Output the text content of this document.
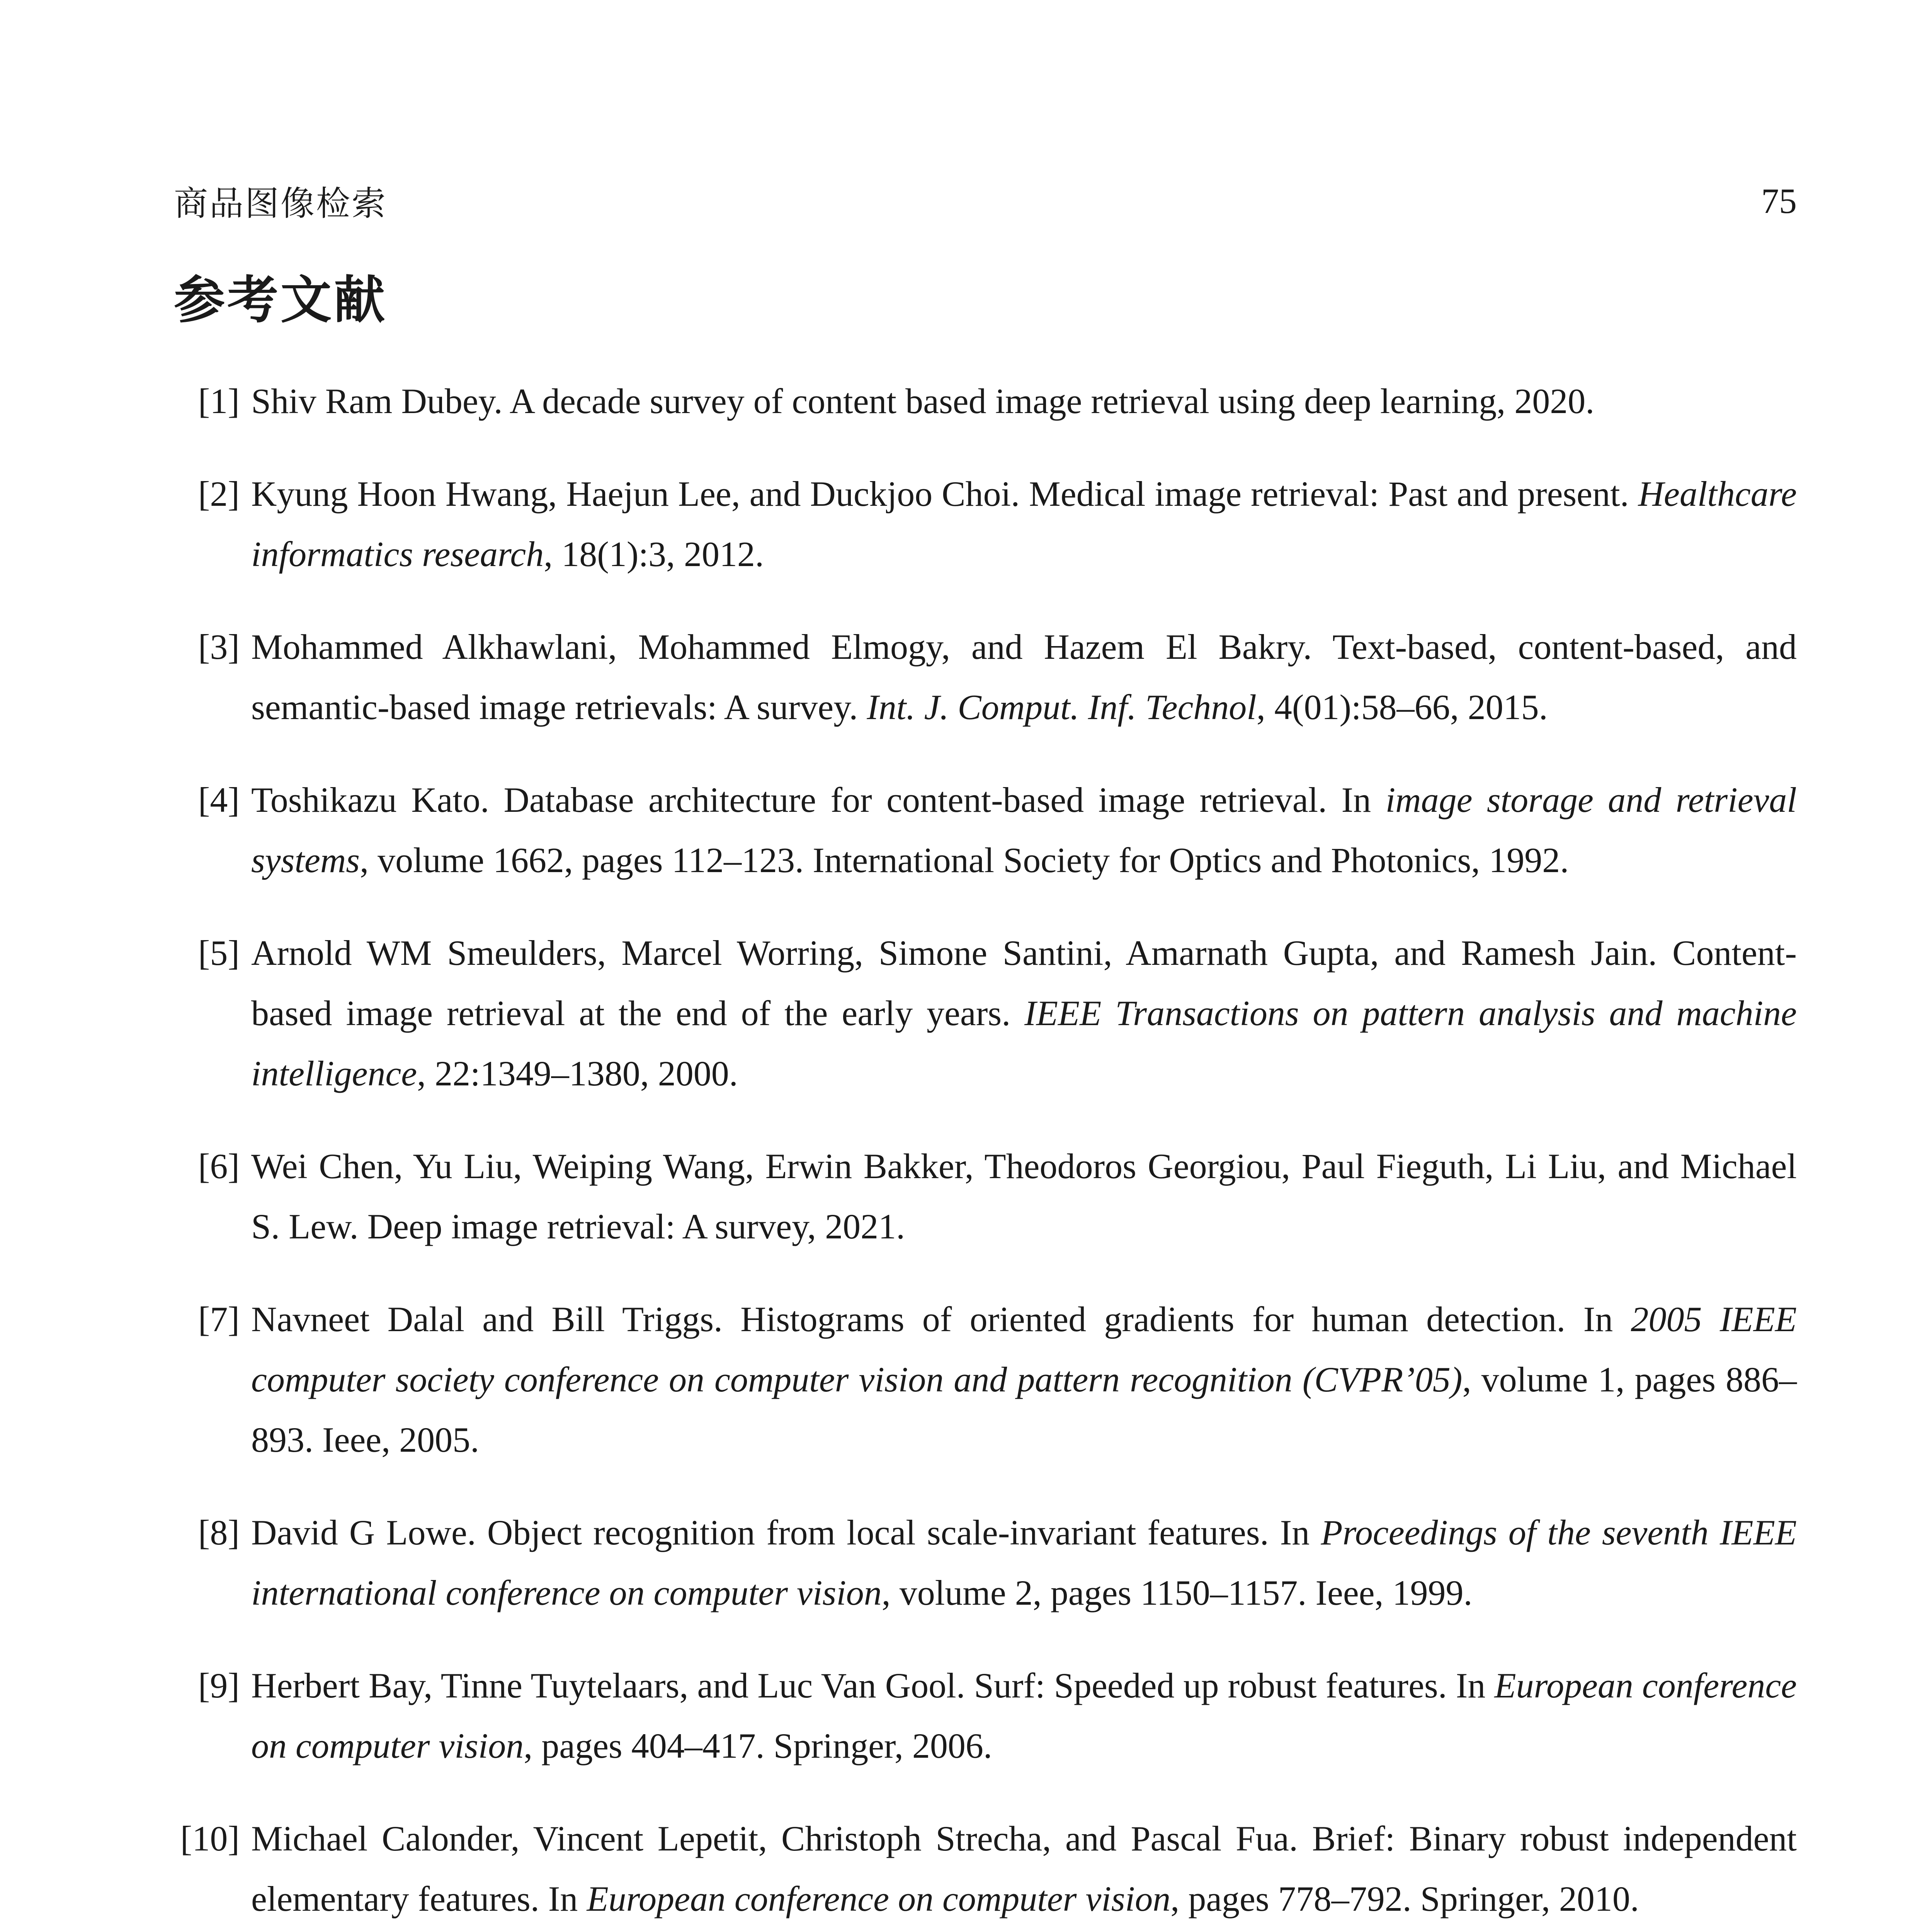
商品图像检索	75
参考文献
[1] Shiv Ram Dubey. A decade survey of content based image retrieval using deep learning, 2020.
[2] Kyung Hoon Hwang, Haejun Lee, and Duckjoo Choi. Medical image retrieval: Past and present. Healthcare informatics research, 18(1):3, 2012.
[3] Mohammed Alkhawlani, Mohammed Elmogy, and Hazem El Bakry. Text-based, content-based, and semantic-based image retrievals: A survey. Int. J. Comput. Inf. Technol, 4(01):58–66, 2015.
[4] Toshikazu Kato. Database architecture for content-based image retrieval. In image storage and retrieval systems, volume 1662, pages 112–123. International Society for Optics and Photonics, 1992.
[5] Arnold WM Smeulders, Marcel Worring, Simone Santini, Amarnath Gupta, and Ramesh Jain. Content-based image retrieval at the end of the early years. IEEE Transactions on pattern analysis and machine intelligence, 22:1349–1380, 2000.
[6] Wei Chen, Yu Liu, Weiping Wang, Erwin Bakker, Theodoros Georgiou, Paul Fieguth, Li Liu, and Michael S. Lew. Deep image retrieval: A survey, 2021.
[7] Navneet Dalal and Bill Triggs. Histograms of oriented gradients for human detection. In 2005 IEEE computer society conference on computer vision and pattern recognition (CVPR’05), volume 1, pages 886–893. Ieee, 2005.
[8] David G Lowe. Object recognition from local scale-invariant features. In Proceedings of the seventh IEEE international conference on computer vision, volume 2, pages 1150–1157. Ieee, 1999.
[9] Herbert Bay, Tinne Tuytelaars, and Luc Van Gool. Surf: Speeded up robust features. In European conference on computer vision, pages 404–417. Springer, 2006.
[10] Michael Calonder, Vincent Lepetit, Christoph Strecha, and Pascal Fua. Brief: Binary robust independent elementary features. In European conference on computer vision, pages 778–792. Springer, 2010.
